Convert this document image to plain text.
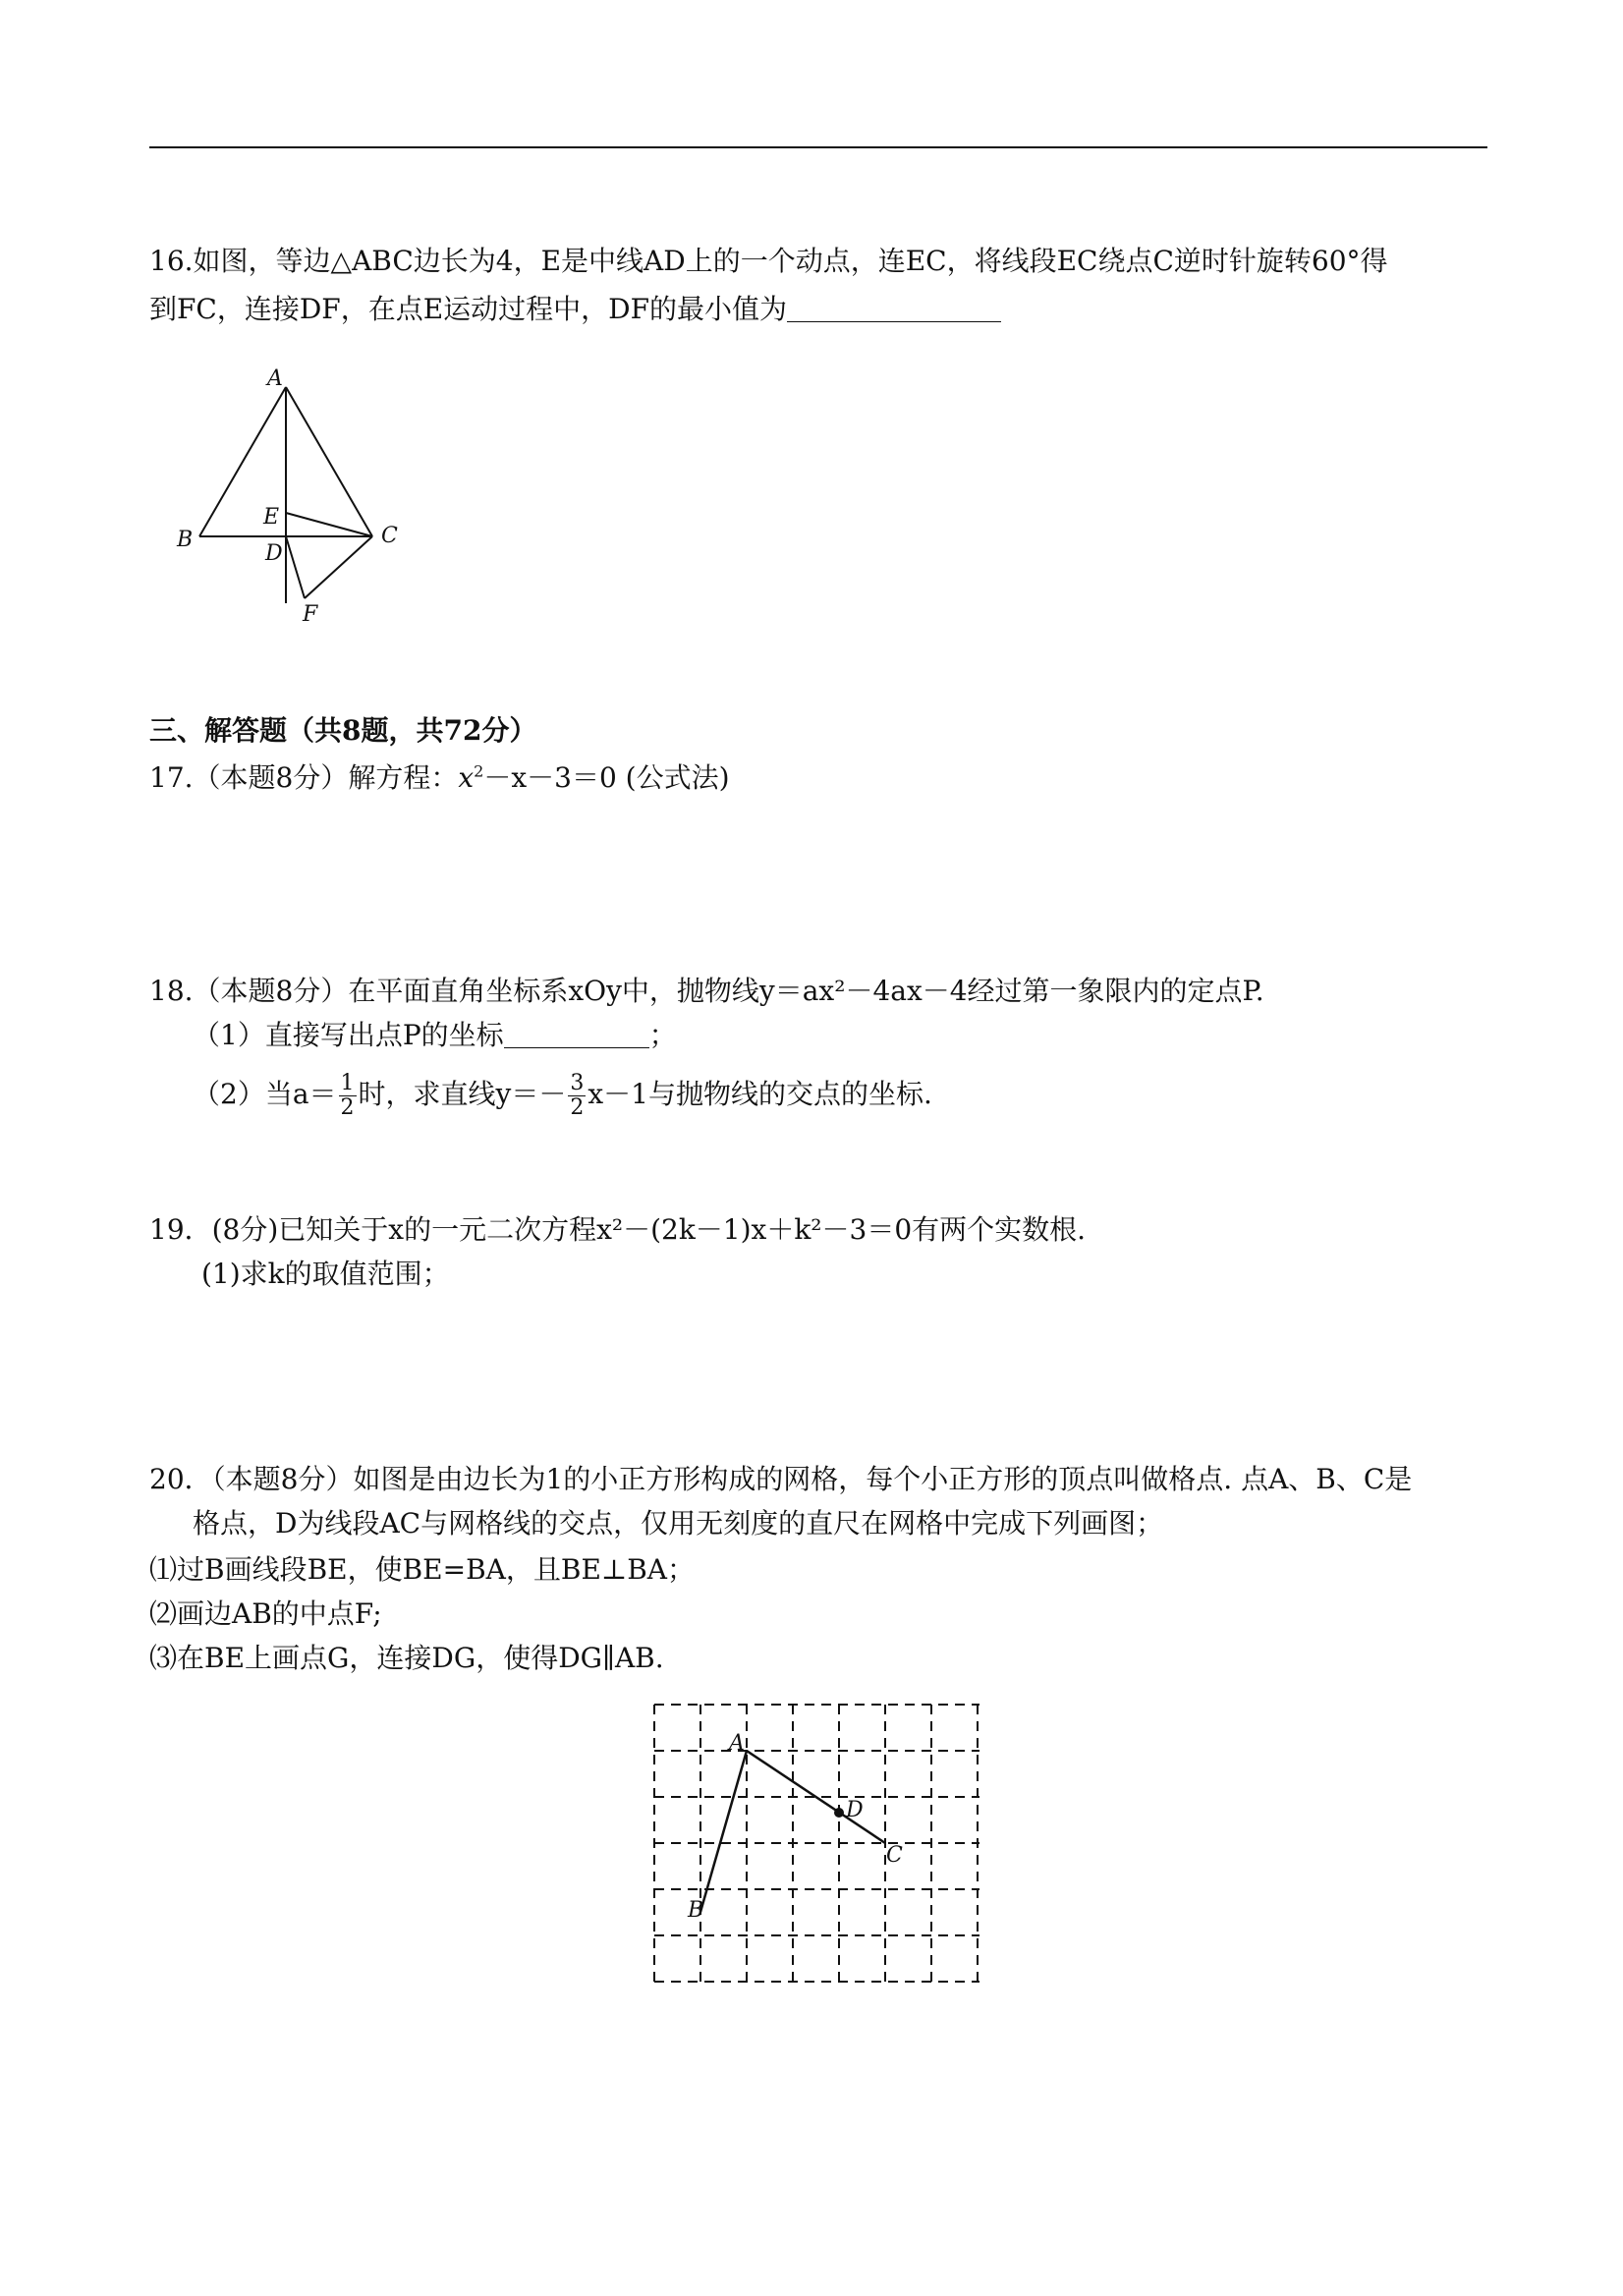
16.如图，等边△ABC边长为4，E是中线AD上的一个动点，连EC，将线段EC绕点C逆时针旋转60°得
到FC，连接DF，在点E运动过程中，DF的最小值为
A
B	C
E
D
F
三、解答题（共8题，共72分）
17.（本题8分）解方程：$x^2-x-3=0$ (公式法)
18.（本题8分）在平面直角坐标系xOy中，抛物线y＝ax²－4ax－4经过第一象限内的定点P.
（1）直接写出点P的坐标	；
（2）当$a= \frac{1}{2}$ 时，求直线$y=- \frac{3}{2} x-1$与抛物线的交点的坐标.
19．(8分)已知关于x的一元二次方程x²－(2k－1)x＋k²－3＝0有两个实数根.
(1)求k的取值范围；
20．（本题8分）如图是由边长为1的小正方形构成的网格，每个小正方形的顶点叫做格点. 点A、B、C是
格点，D为线段AC与网格线的交点，仅用无刻度的直尺在网格中完成下列画图；
⑴过B画线段BE，使BE=BA，且BE⊥BA；
⑵画边AB的中点F;
⑶在BE上画点G，连接DG，使得DG∥AB.
A
B
D
C
